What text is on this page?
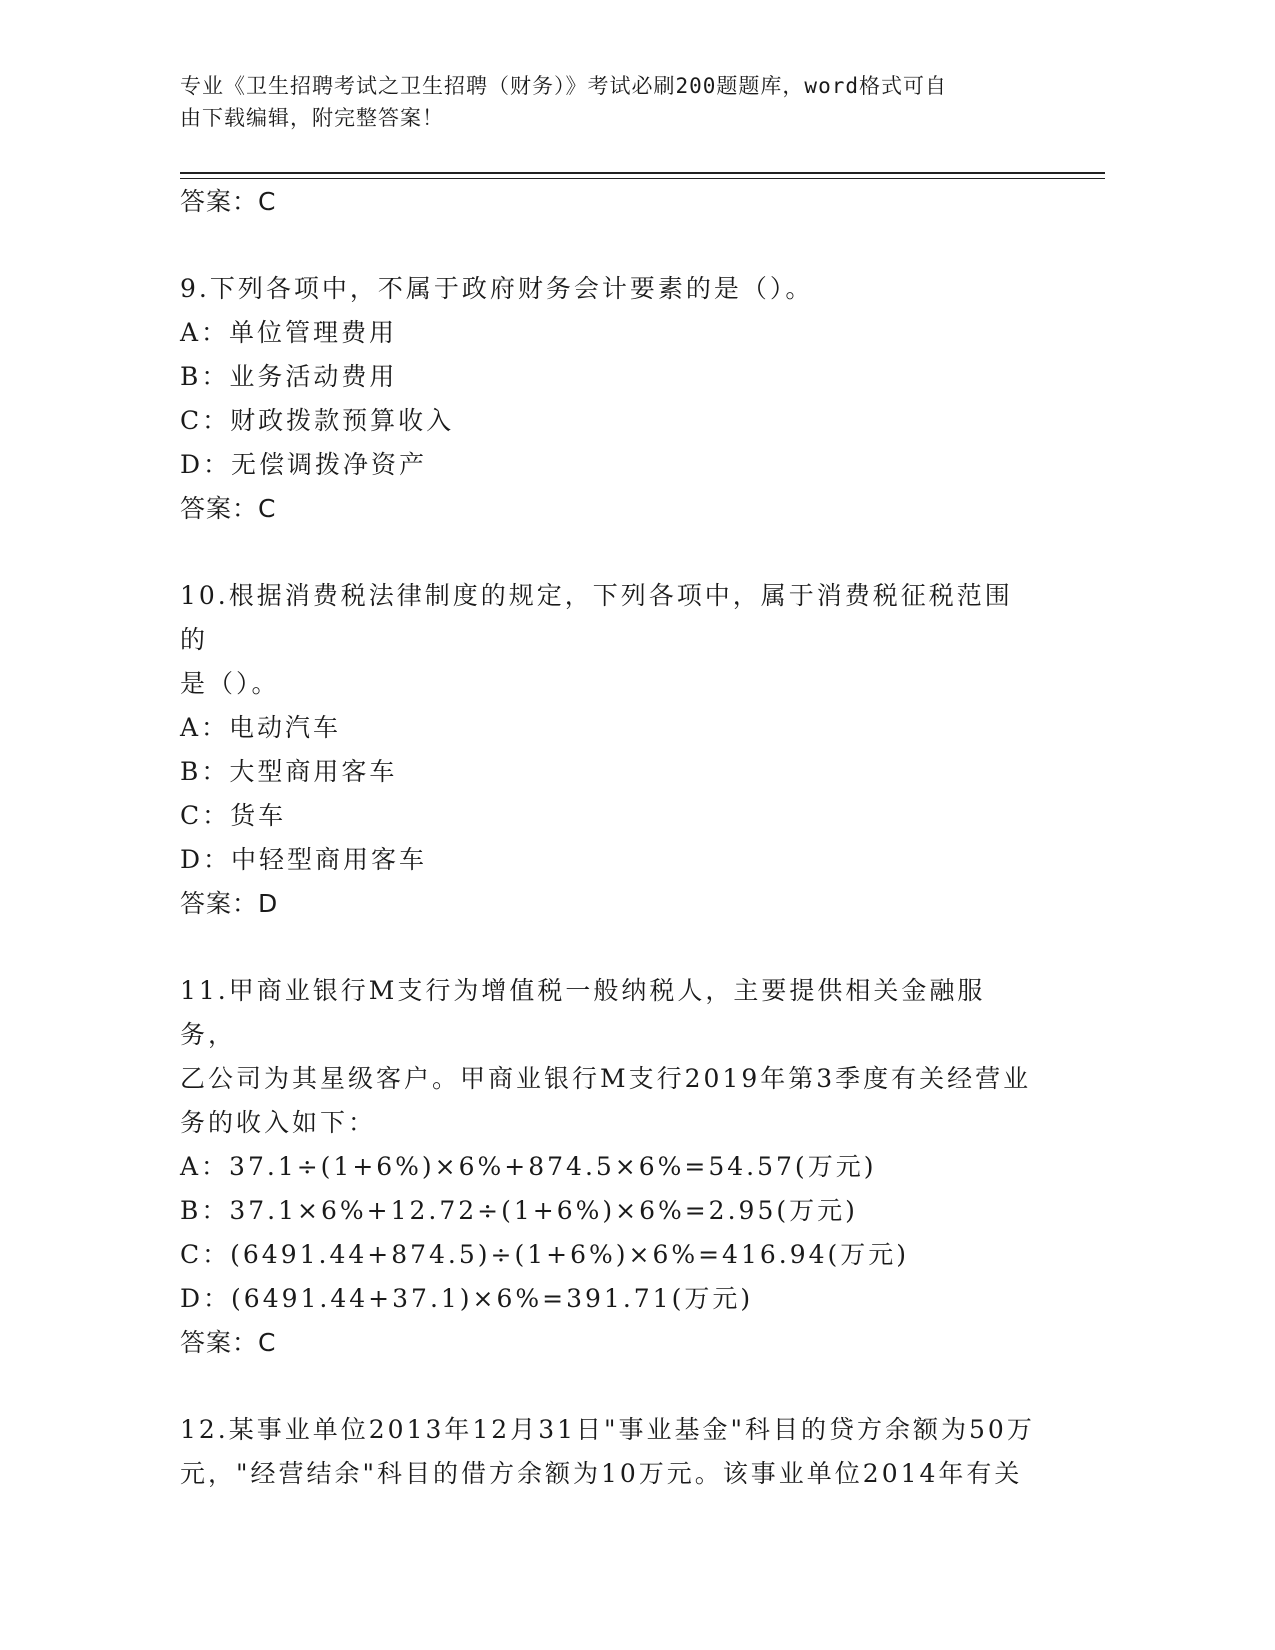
专业《卫生招聘考试之卫生招聘（财务）》考试必刷200题题库，word格式可自
由下载编辑，附完整答案！
答案：C
9.下列各项中，不属于政府财务会计要素的是（）。
A：单位管理费用
B：业务活动费用
C：财政拨款预算收入
D：无偿调拨净资产
答案：C
10.根据消费税法律制度的规定，下列各项中，属于消费税征税范围的
是（）。
A：电动汽车
B：大型商用客车
C：货车
D：中轻型商用客车
答案：D
11.甲商业银行M支行为增值税一般纳税人，主要提供相关金融服务，
乙公司为其星级客户。甲商业银行M支行2019年第3季度有关经营业
务的收入如下：
A：37.1÷(1+6%)×6%+874.5×6%=54.57(万元)
B：37.1×6%+12.72÷(1+6%)×6%=2.95(万元)
C：(6491.44+874.5)÷(1+6%)×6%=416.94(万元)
D：(6491.44+37.1)×6%=391.71(万元)
答案：C
12.某事业单位2013年12月31日"事业基金"科目的贷方余额为50万
元，"经营结余"科目的借方余额为10万元。该事业单位2014年有关
